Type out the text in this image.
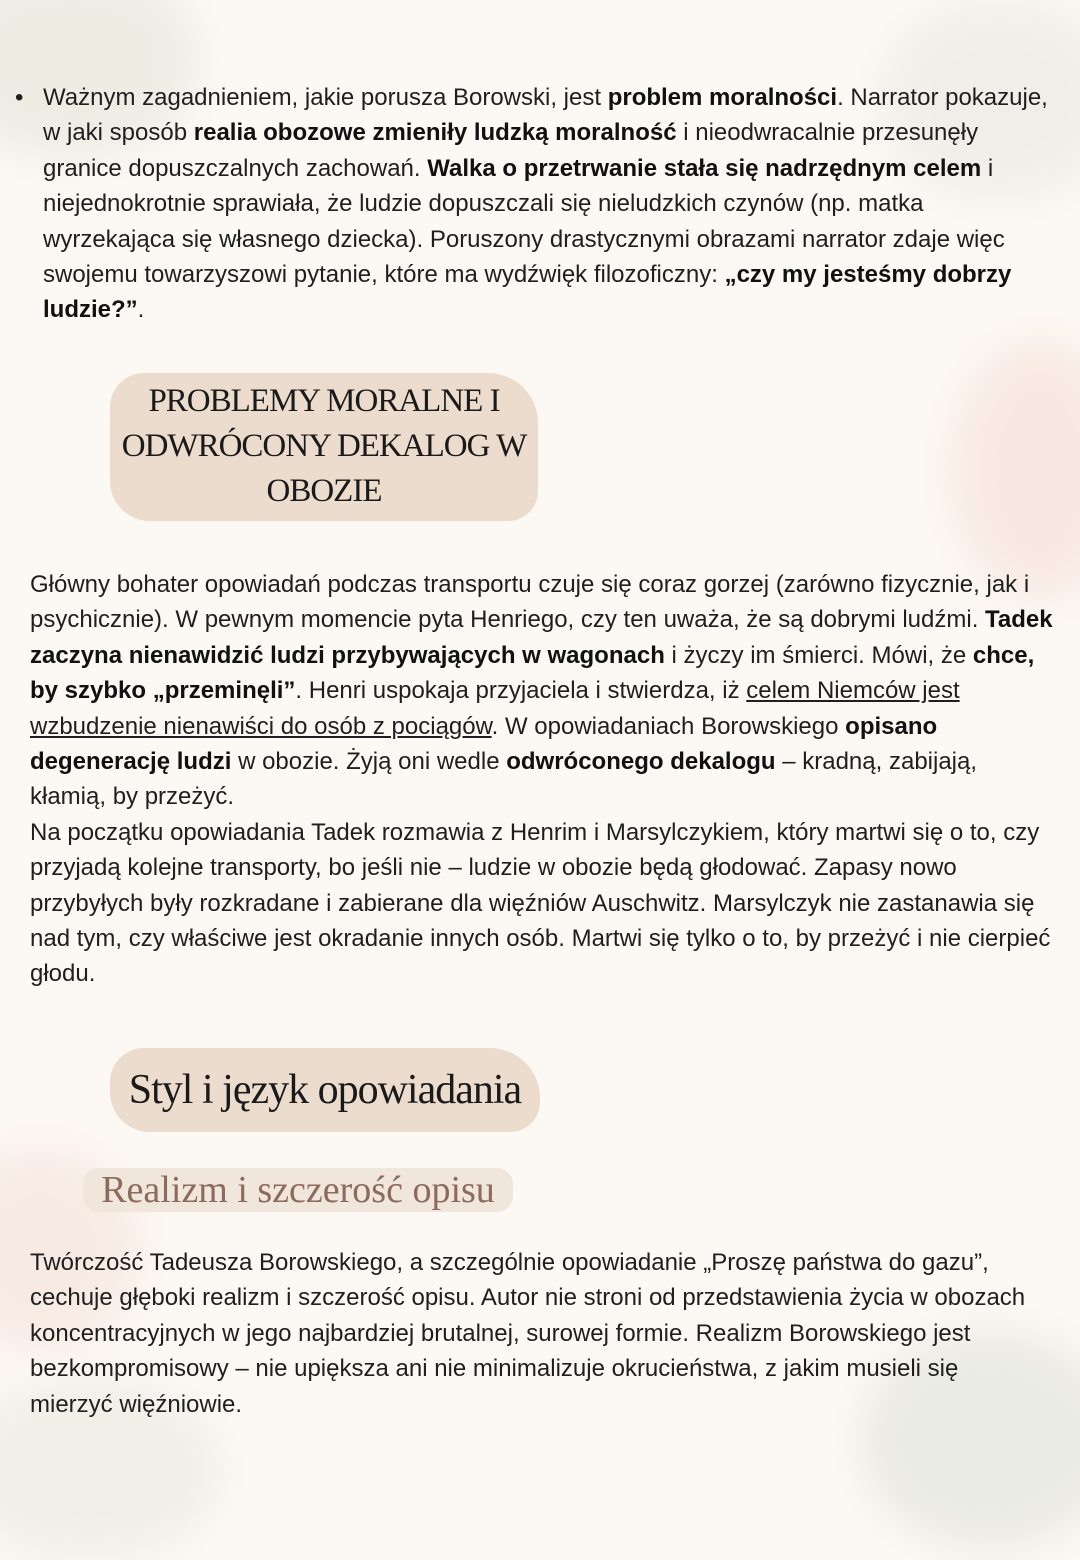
• Ważnym zagadnieniem, jakie porusza Borowski, jest problem moralności. Narrator pokazuje, w jaki sposób realia obozowe zmieniły ludzką moralność i nieodwracalnie przesunęły granice dopuszczalnych zachowań. Walka o przetrwanie stała się nadrzędnym celem i niejednokrotnie sprawiała, że ludzie dopuszczali się nieludzkich czynów (np. matka wyrzekająca się własnego dziecka). Poruszony drastycznymi obrazami narrator zdaje więc swojemu towarzyszowi pytanie, które ma wydźwięk filozoficzny: „czy my jesteśmy dobrzy ludzie?”.
PROBLEMY MORALNE I ODWRÓCONY DEKALOG W OBOZIE
Główny bohater opowiadań podczas transportu czuje się coraz gorzej (zarówno fizycznie, jak i psychicznie). W pewnym momencie pyta Henriego, czy ten uważa, że są dobrymi ludźmi. Tadek zaczyna nienawidzić ludzi przybywających w wagonach i życzy im śmierci. Mówi, że chce, by szybko „przeminęli”. Henri uspokaja przyjaciela i stwierdza, iż celem Niemców jest wzbudzenie nienawiści do osób z pociągów. W opowiadaniach Borowskiego opisano degenerację ludzi w obozie. Żyją oni wedle odwróconego dekalogu – kradną, zabijają, kłamią, by przeżyć.
Na początku opowiadania Tadek rozmawia z Henrim i Marsylczykiem, który martwi się o to, czy przyjadą kolejne transporty, bo jeśli nie – ludzie w obozie będą głodować. Zapasy nowo przybyłych były rozkradane i zabierane dla więźniów Auschwitz. Marsylczyk nie zastanawia się nad tym, czy właściwe jest okradanie innych osób. Martwi się tylko o to, by przeżyć i nie cierpieć głodu.
Styl i język opowiadania
Realizm i szczerość opisu
Twórczość Tadeusza Borowskiego, a szczególnie opowiadanie „Proszę państwa do gazu”, cechuje głęboki realizm i szczerość opisu. Autor nie stroni od przedstawienia życia w obozach koncentracyjnych w jego najbardziej brutalnej, surowej formie. Realizm Borowskiego jest bezkompromisowy – nie upiększa ani nie minimalizuje okrucieństwa, z jakim musieli się mierzyć więźniowie.
